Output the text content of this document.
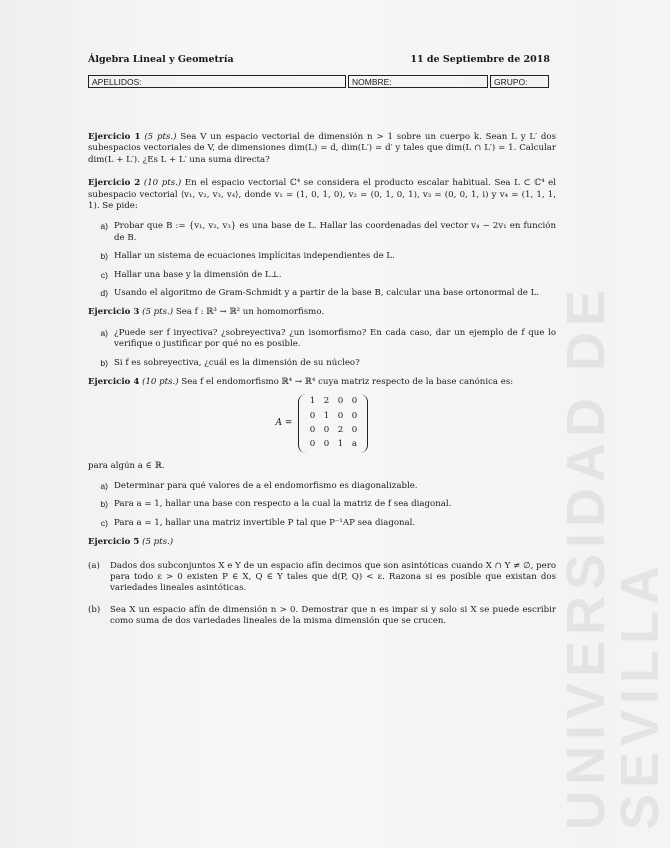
UNIVERSIDAD DE SEVILLA
Álgebra Lineal y Geometría	11 de Septiembre de 2018
APELLIDOS:	NOMBRE:	GRUPO:

Ejercicio 1 (5 pts.) Sea V un espacio vectorial de dimensión n > 1 sobre un cuerpo k. Sean L y L′ dos subespacios vectoriales de V, de dimensiones dim(L) = d, dim(L′) = d′ y tales que dim(L ∩ L′) = 1. Calcular dim(L + L′). ¿Es L + L′ una suma directa?

Ejercicio 2 (10 pts.) En el espacio vectorial ℂ⁴ se considera el producto escalar habitual. Sea L ⊂ ℂ⁴ el subespacio vectorial ⟨v₁, v₂, v₃, v₄⟩, donde v₁ = (1, 0, 1, 0), v₂ = (0, 1, 0, 1), v₃ = (0, 0, 1, i) y v₄ = (1, 1, 1, 1). Se pide:

a) Probar que B := {v₁, v₂, v₃} es una base de L. Hallar las coordenadas del vector v₄ − 2v₁ en función de B.
b) Hallar un sistema de ecuaciones implícitas independientes de L.
c) Hallar una base y la dimensión de L⊥.
d) Usando el algoritmo de Gram-Schmidt y a partir de la base B, calcular una base ortonormal de L.

Ejercicio 3 (5 pts.) Sea f : ℝ³ → ℝ² un homomorfismo.

a) ¿Puede ser f inyectiva? ¿sobreyectiva? ¿un isomorfismo? En cada caso, dar un ejemplo de f que lo verifique o justificar por qué no es posible.
b) Si f es sobreyectiva, ¿cuál es la dimensión de su núcleo?

Ejercicio 4 (10 pts.) Sea f el endomorfismo ℝ⁴ → ℝ⁴ cuya matriz respecto de la base canónica es:

A =
1 2 0 0
0 1 0 0
0 0 2 0
0 0 1	a

para algún a ∈ ℝ.

a) Determinar para qué valores de a el endomorfismo es diagonalizable.
b) Para a = 1, hallar una base con respecto a la cual la matriz de f sea diagonal.
c) Para a = 1, hallar una matriz invertible P tal que P⁻¹AP sea diagonal.

Ejercicio 5 (5 pts.)

(a)	Dados dos subconjuntos X e Y de un espacio afín decimos que son asintóticas cuando X ∩ Y ≠ ∅, pero para todo ε > 0 existen P ∈ X, Q ∈ Y tales que d(P, Q) < ε. Razona si es posible que existan dos variedades lineales asintóticas.
(b)	Sea X un espacio afín de dimensión n > 0. Demostrar que n es impar si y solo si X se puede escribir como suma de dos variedades lineales de la misma dimensión que se crucen.
